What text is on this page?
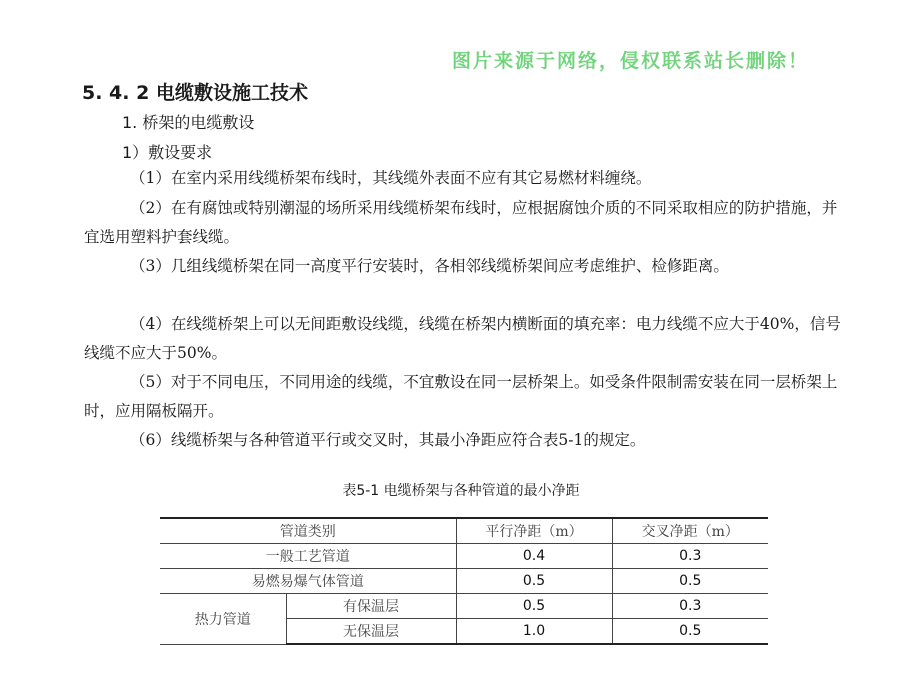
图片来源于网络，侵权联系站长删除！
5. 4. 2 电缆敷设施工技术
1. 桥架的电缆敷设
1）敷设要求
（1）在室内采用线缆桥架布线时，其线缆外表面不应有其它易燃材料缠绕。
（2）在有腐蚀或特别潮湿的场所采用线缆桥架布线时，应根据腐蚀介质的不同采取相应的防护措施，并宜选用塑料护套线缆。
（3）几组线缆桥架在同一高度平行安装时，各相邻线缆桥架间应考虑维护、检修距离。
（4）在线缆桥架上可以无间距敷设线缆，线缆在桥架内横断面的填充率：电力线缆不应大于40%，信号线缆不应大于50%。
（5）对于不同电压，不同用途的线缆，不宜敷设在同一层桥架上。如受条件限制需安装在同一层桥架上时，应用隔板隔开。
（6）线缆桥架与各种管道平行或交叉时，其最小净距应符合表5-1的规定。
表5-1 电缆桥架与各种管道的最小净距
管道类别		平行净距（m）	交叉净距（m）
一般工艺管道		0.4	0.3
易燃易爆气体管道		0.5	0.5
热力管道	有保温层	0.5	0.3
	无保温层	1.0	0.5
